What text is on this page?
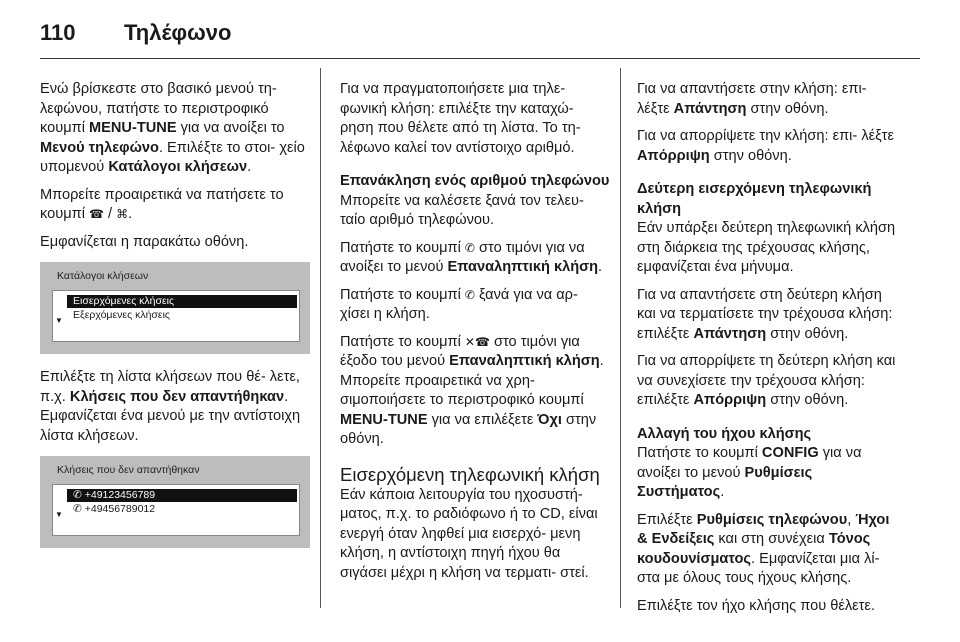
110 Τηλέφωνο

Ενώ βρίσκεστε στο βασικό μενού τη- λεφώνου, πατήστε το περιστροφικό κουμπί MENU-TUNE για να ανοίξει το Μενού τηλεφώνο. Επιλέξτε το στοι- χείο υπομενού Κατάλογοι κλήσεων.

Μπορείτε προαιρετικά να πατήσετε το κουμπί ☎ / ⌘.

Εμφανίζεται η παρακάτω οθόνη.

Κατάλογοι κλήσεων
Εισερχόμενες κλήσεις
▼ Εξερχόμενες κλήσεις

Επιλέξτε τη λίστα κλήσεων που θέ- λετε, π.χ. Κλήσεις που δεν απαντήθηκαν. Εμφανίζεται ένα μενού με την αντίστοιχη λίστα κλήσεων.

Κλήσεις που δεν απαντήθηκαν
✆ +49123456789
▼ ✆ +49456789012

Για να πραγματοποιήσετε μια τηλε- φωνική κλήση: επιλέξτε την καταχώ- ρηση που θέλετε από τη λίστα. Το τη- λέφωνο καλεί τον αντίστοιχο αριθμό.

Επανάκληση ενός αριθμού τηλεφώνου

Μπορείτε να καλέσετε ξανά τον τελευ- ταίο αριθμό τηλεφώνου.

Πατήστε το κουμπί ✆ στο τιμόνι για να ανοίξει το μενού Επαναληπτική κλήση.

Πατήστε το κουμπί ✆ ξανά για να αρ- χίσει η κλήση.

Πατήστε το κουμπί ✕☎ στο τιμόνι για έξοδο του μενού Επαναληπτική κλήση. Μπορείτε προαιρετικά να χρη- σιμοποιήσετε το περιστροφικό κουμπί MENU-TUNE για να επιλέξετε Όχι στην οθόνη.

Εισερχόμενη τηλεφωνική κλήση

Εάν κάποια λειτουργία του ηχοσυστή- ματος, π.χ. το ραδιόφωνο ή το CD, είναι ενεργή όταν ληφθεί μια εισερχό- μενη κλήση, η αντίστοιχη πηγή ήχου θα σιγάσει μέχρι η κλήση να τερματι- στεί.

Για να απαντήσετε στην κλήση: επι- λέξτε Απάντηση στην οθόνη.

Για να απορρίψετε την κλήση: επι- λέξτε Απόρριψη στην οθόνη.

Δεύτερη εισερχόμενη τηλεφωνική κλήση

Εάν υπάρξει δεύτερη τηλεφωνική κλήση στη διάρκεια της τρέχουσας κλήσης, εμφανίζεται ένα μήνυμα.

Για να απαντήσετε στη δεύτερη κλήση και να τερματίσετε την τρέχουσα κλήση: επιλέξτε Απάντηση στην οθόνη.

Για να απορρίψετε τη δεύτερη κλήση και να συνεχίσετε την τρέχουσα κλήση: επιλέξτε Απόρριψη στην οθόνη.

Αλλαγή του ήχου κλήσης

Πατήστε το κουμπί CONFIG για να ανοίξει το μενού Ρυθμίσεις Συστήματος.

Επιλέξτε Ρυθμίσεις τηλεφώνου, Ήχοι & Ενδείξεις και στη συνέχεια Τόνος κουδουνίσματος. Εμφανίζεται μια λί- στα με όλους τους ήχους κλήσης.

Επιλέξτε τον ήχο κλήσης που θέλετε.
